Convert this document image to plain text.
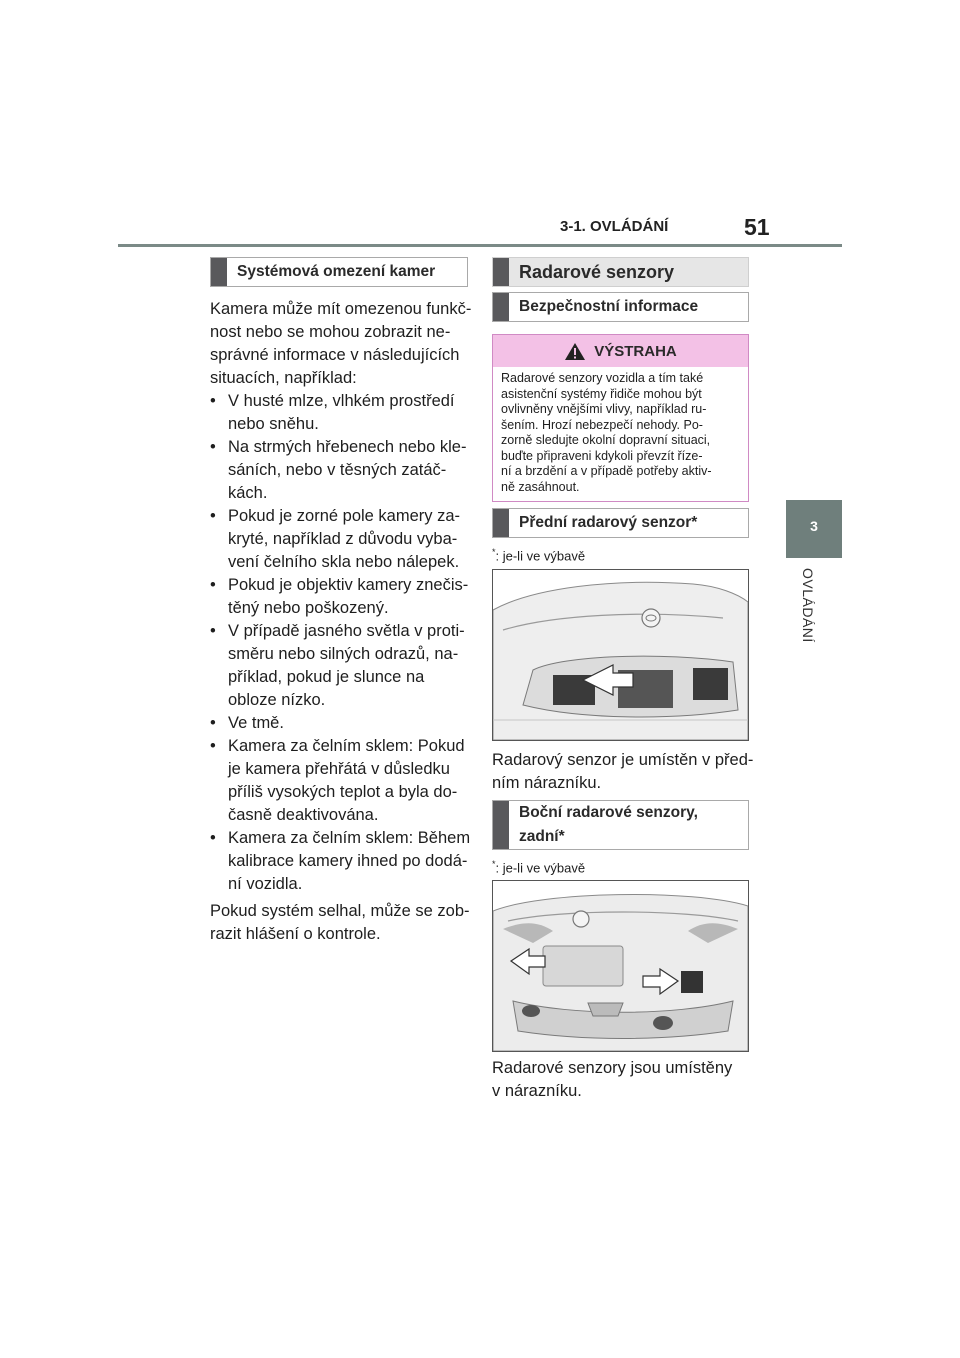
3-1. OVLÁDÁNÍ	51
3
OVLÁDÁNÍ
Systémová omezení kamer
Kamera může mít omezenou funkč-
nost nebo se mohou zobrazit ne-
správné informace v následujících
situacích, například:
• V husté mlze, vlhkém prostředí
nebo sněhu.
• Na strmých hřebenech nebo kle-
sáních, nebo v těsných zatáč-
kách.
• Pokud je zorné pole kamery za-
kryté, například z důvodu vyba-
vení čelního skla nebo nálepek.
• Pokud je objektiv kamery znečis-
těný nebo poškozený.
• V případě jasného světla v proti-
směru nebo silných odrazů, na-
příklad, pokud je slunce na
obloze nízko.
• Ve tmě.
• Kamera za čelním sklem: Pokud
je kamera přehřátá v důsledku
příliš vysokých teplot a byla do-
časně deaktivována.
• Kamera za čelním sklem: Během
kalibrace kamery ihned po dodá-
ní vozidla.
Pokud systém selhal, může se zob-
razit hlášení o kontrole.
Radarové senzory
Bezpečnostní informace
VÝSTRAHA
Radarové senzory vozidla a tím také
asistenční systémy řidiče mohou být
ovlivněny vnějšími vlivy, například ru-
šením. Hrozí nebezpečí nehody. Po-
zorně sledujte okolní dopravní situaci,
buďte připraveni kdykoli převzít říze-
ní a brzdění a v případě potřeby aktiv-
ně zasáhnout.
Přední radarový senzor*
*: je-li ve výbavě
Radarový senzor je umístěn v před-
ním nárazníku.
Boční radarové senzory,
zadní*
*: je-li ve výbavě
Radarové senzory jsou umístěny
v nárazníku.
